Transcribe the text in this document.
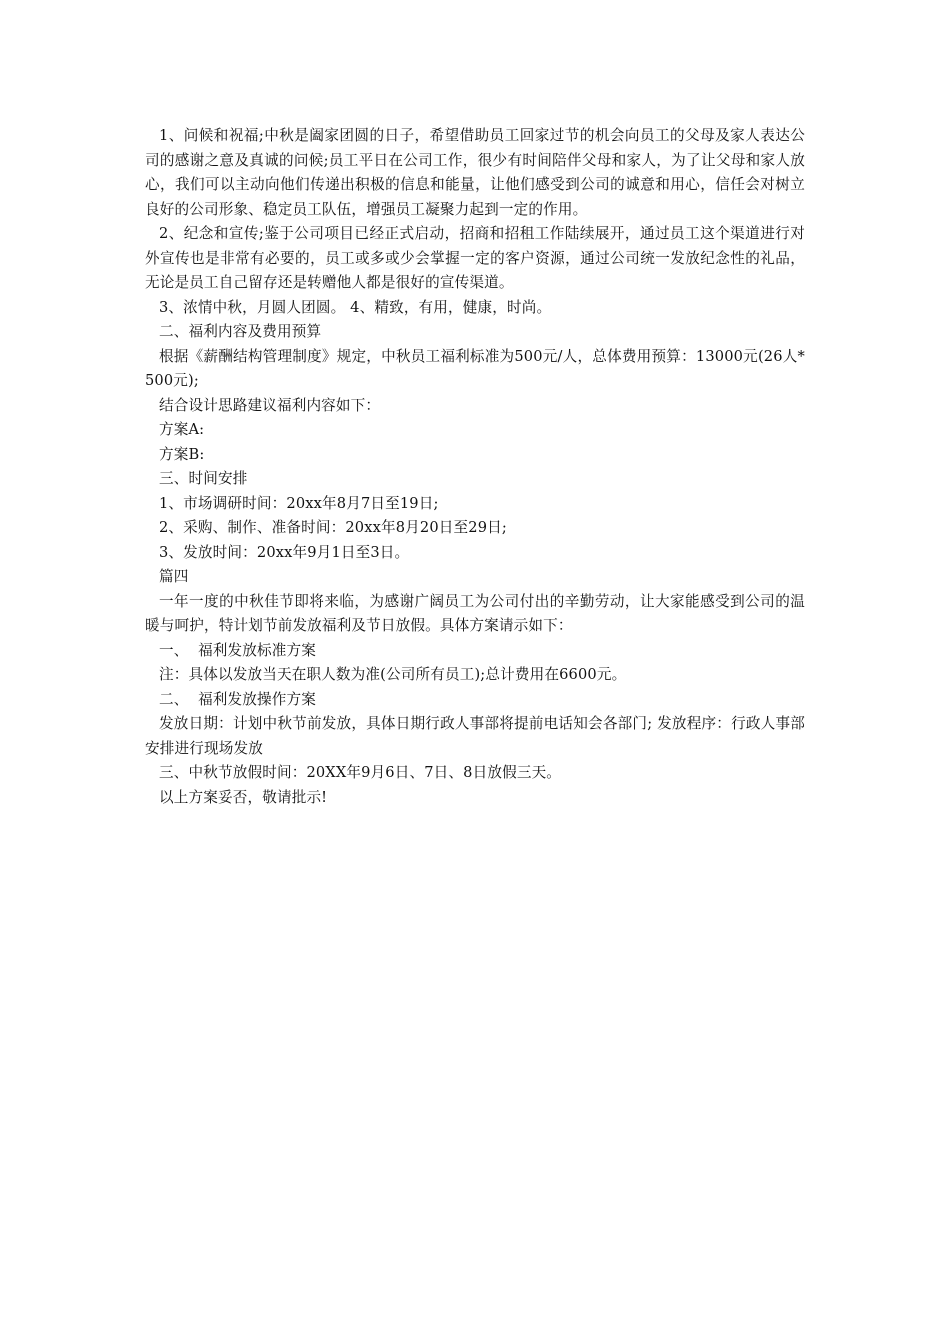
1、问候和祝福;中秋是阖家团圆的日子，希望借助员工回家过节的机会向员工的父母及家人表达公司的感谢之意及真诚的问候;员工平日在公司工作，很少有时间陪伴父母和家人，为了让父母和家人放心，我们可以主动向他们传递出积极的信息和能量，让他们感受到公司的诚意和用心，信任会对树立良好的公司形象、稳定员工队伍，增强员工凝聚力起到一定的作用。

2、纪念和宣传;鉴于公司项目已经正式启动，招商和招租工作陆续展开，通过员工这个渠道进行对外宣传也是非常有必要的，员工或多或少会掌握一定的客户资源，通过公司统一发放纪念性的礼品，无论是员工自己留存还是转赠他人都是很好的宣传渠道。

3、浓情中秋，月圆人团圆。 4、精致，有用，健康，时尚。

二、福利内容及费用预算

根据《薪酬结构管理制度》规定，中秋员工福利标准为500元/人，总体费用预算：13000元(26人*500元);

结合设计思路建议福利内容如下：

方案A:

方案B:

三、时间安排

1、市场调研时间：20xx年8月7日至19日;

2、采购、制作、准备时间：20xx年8月20日至29日;

3、发放时间：20xx年9月1日至3日。

篇四

一年一度的中秋佳节即将来临，为感谢广阔员工为公司付出的辛勤劳动，让大家能感受到公司的温暖与呵护，特计划节前发放福利及节日放假。具体方案请示如下：

一、  福利发放标准方案

注：具体以发放当天在职人数为准(公司所有员工);总计费用在6600元。

二、  福利发放操作方案

发放日期：计划中秋节前发放，具体日期行政人事部将提前电话知会各部门; 发放程序：行政人事部安排进行现场发放

三、中秋节放假时间：20XX年9月6日、7日、8日放假三天。

以上方案妥否，敬请批示!
